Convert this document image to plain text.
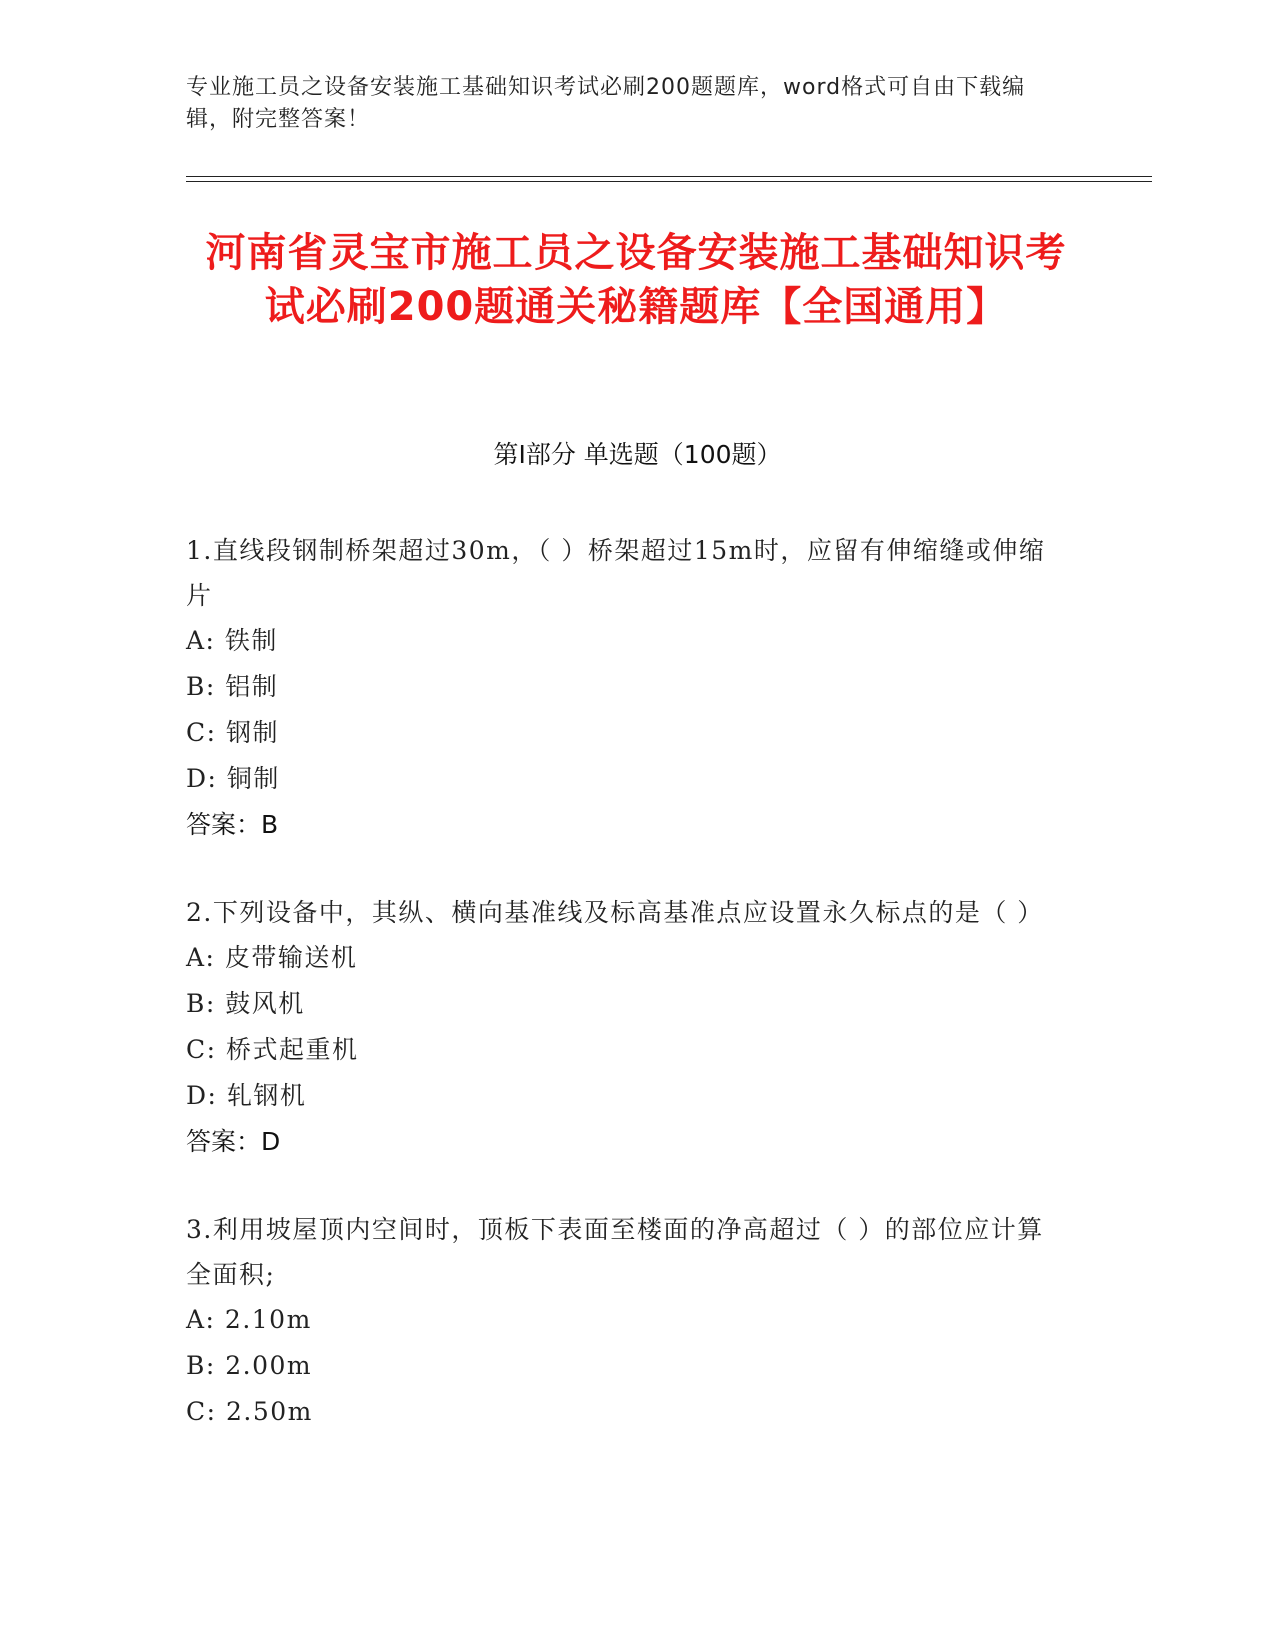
专业施工员之设备安装施工基础知识考试必刷200题题库，word格式可自由下载编辑，附完整答案！
河南省灵宝市施工员之设备安装施工基础知识考试必刷200题通关秘籍题库【全国通用】
第Ⅰ部分 单选题（100题）

1.直线段钢制桥架超过30m，（ ）桥架超过15m时，应留有伸缩缝或伸缩片

A: 铁制

B: 铝制

C: 钢制

D: 铜制

答案：B

2.下列设备中，其纵、横向基准线及标高基准点应设置永久标点的是（ ）

A: 皮带输送机

B: 鼓风机

C: 桥式起重机

D: 轧钢机

答案：D

3.利用坡屋顶内空间时，顶板下表面至楼面的净高超过（ ）的部位应计算全面积;

A: 2.10m

B: 2.00m

C: 2.50m
